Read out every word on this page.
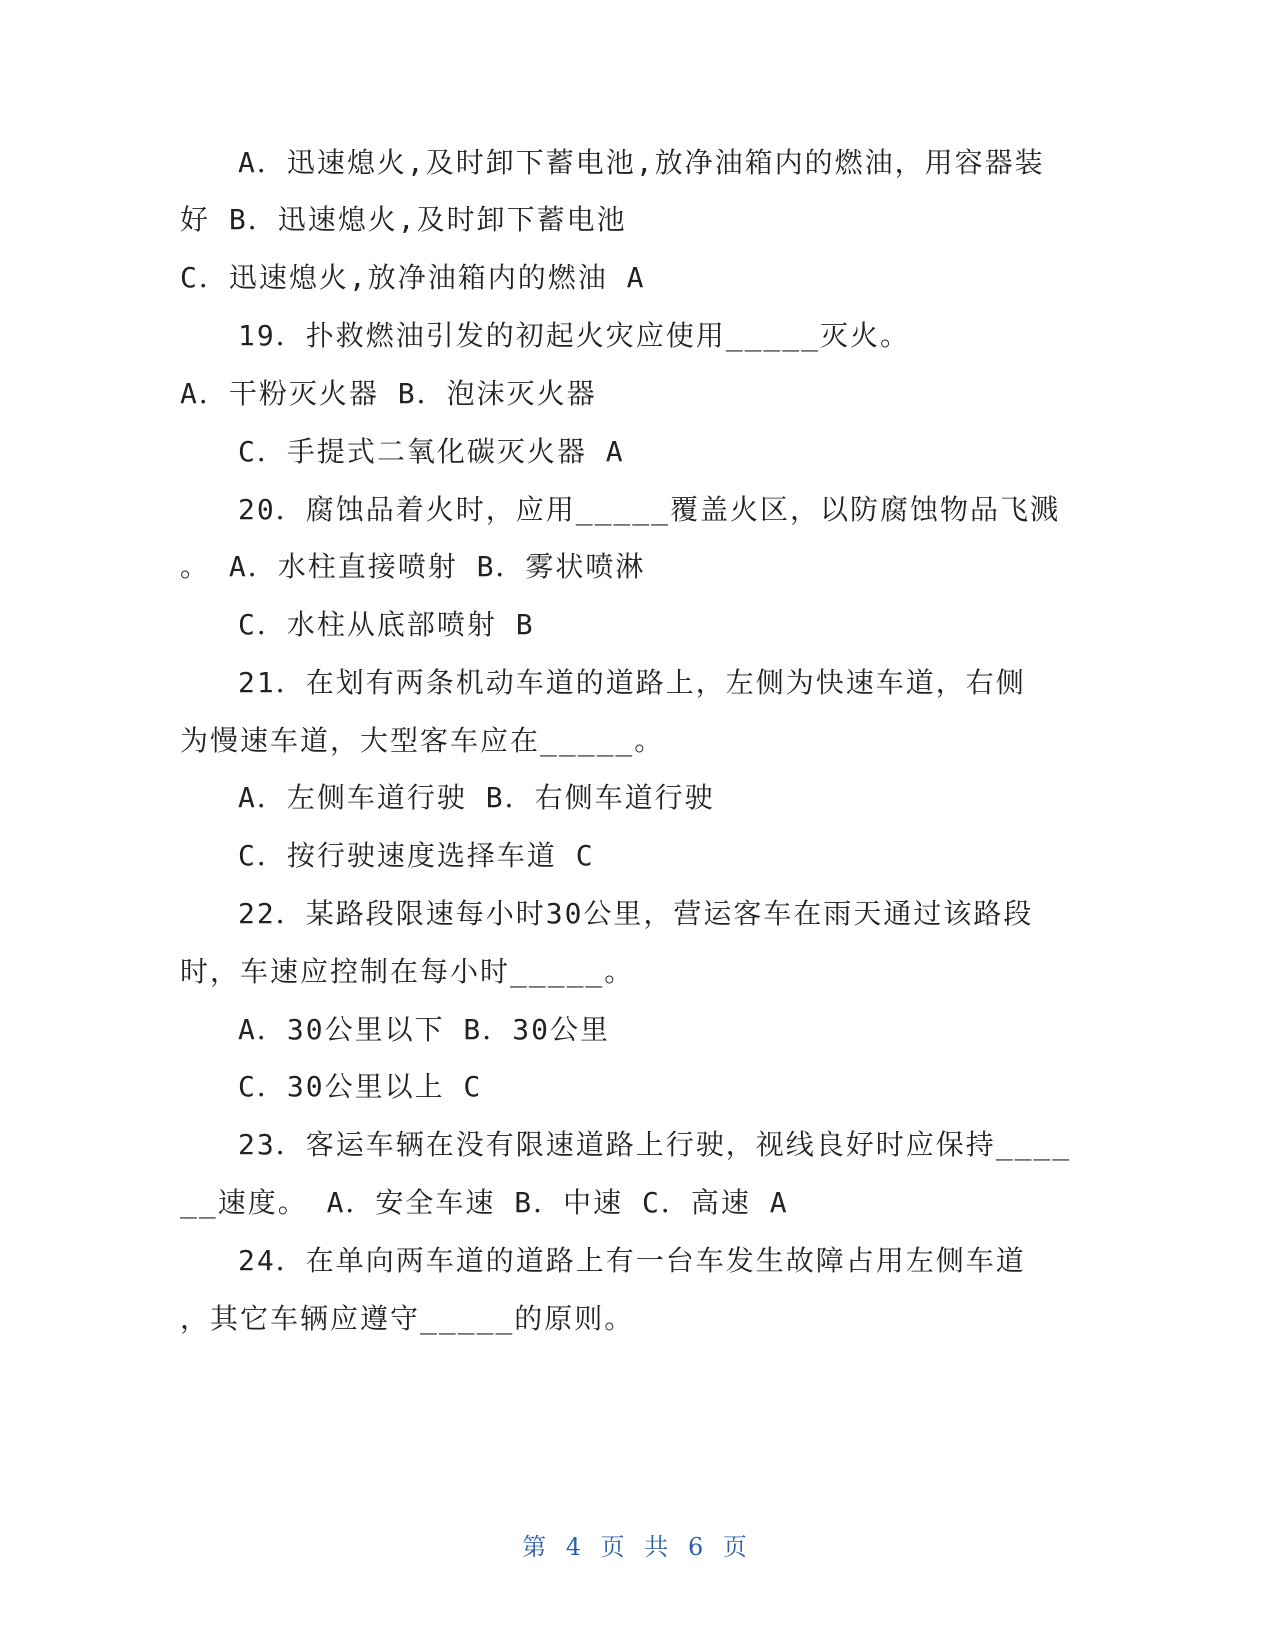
A．迅速熄火,及时卸下蓄电池,放净油箱内的燃油，用容器装
好 B．迅速熄火,及时卸下蓄电池
C．迅速熄火,放净油箱内的燃油 A
19．扑救燃油引发的初起火灾应使用_____灭火。
A．干粉灭火器 B．泡沫灭火器
C．手提式二氧化碳灭火器 A
20．腐蚀品着火时，应用_____覆盖火区，以防腐蚀物品飞溅
。 A．水柱直接喷射 B．雾状喷淋
C．水柱从底部喷射 B
21．在划有两条机动车道的道路上，左侧为快速车道，右侧
为慢速车道，大型客车应在_____。
A．左侧车道行驶 B．右侧车道行驶
C．按行驶速度选择车道 C
22．某路段限速每小时30公里，营运客车在雨天通过该路段
时，车速应控制在每小时_____。
A．30公里以下 B．30公里
C．30公里以上 C
23．客运车辆在没有限速道路上行驶，视线良好时应保持____
__速度。 A．安全车速 B．中速 C．高速 A
24．在单向两车道的道路上有一台车发生故障占用左侧车道
，其它车辆应遵守_____的原则。
第 4 页 共 6 页
